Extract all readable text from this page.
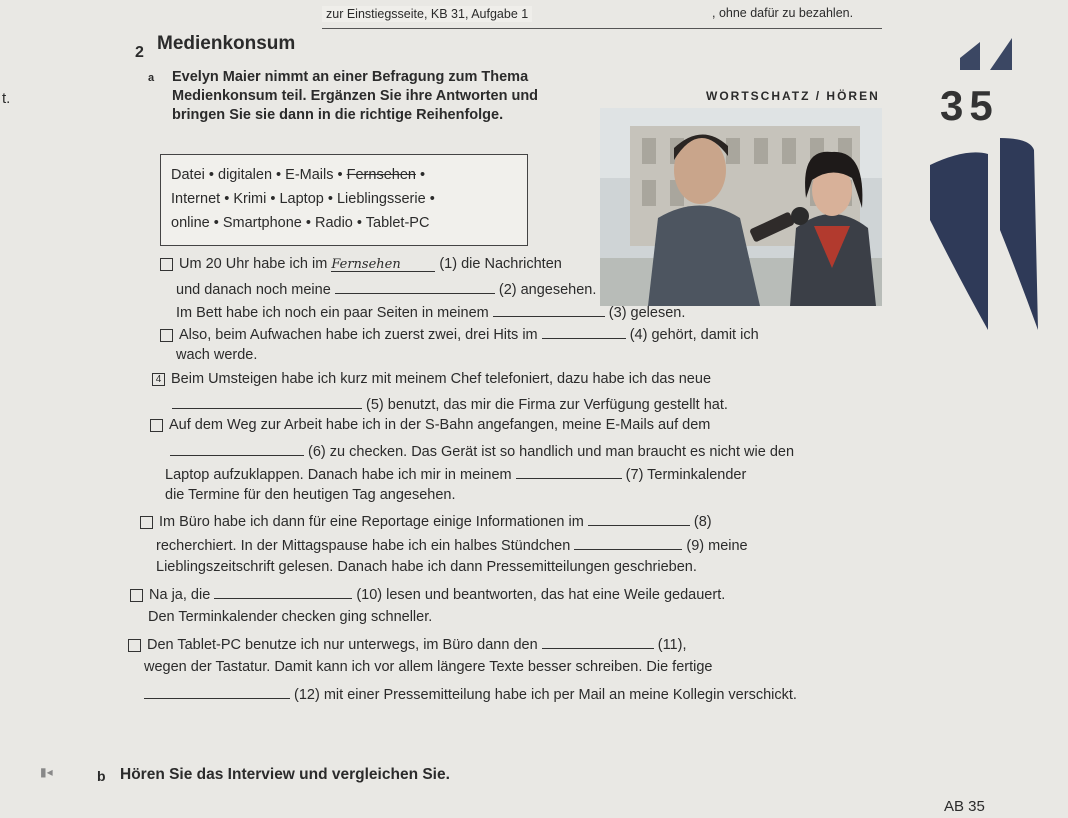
zur Einstiegsseite, KB 31, Aufgabe 1	, ohne dafür zu bezahlen.
2 Medienkonsum
t.
a Evelyn Maier nimmt an einer Befragung zum Thema
Medienkonsum teil. Ergänzen Sie ihre Antworten und
bringen Sie sie dann in die richtige Reihenfolge.
WORTSCHATZ / HÖREN 35
Datei • digitalen • E-Mails • Fernsehen •
Internet • Krimi • Laptop • Lieblingsserie •
online • Smartphone • Radio • Tablet-PC
Um 20 Uhr habe ich im Fernsehen	(1) die Nachrichten
und danach noch meine	(2) angesehen.
Im Bett habe ich noch ein paar Seiten in meinem	(3) gelesen.
Also, beim Aufwachen habe ich zuerst zwei, drei Hits im	(4) gehört, damit ich
wach werde.
4 Beim Umsteigen habe ich kurz mit meinem Chef telefoniert, dazu habe ich das neue
(5) benutzt, das mir die Firma zur Verfügung gestellt hat.
Auf dem Weg zur Arbeit habe ich in der S-Bahn angefangen, meine E-Mails auf dem
(6) zu checken. Das Gerät ist so handlich und man braucht es nicht wie den
Laptop aufzuklappen. Danach habe ich mir in meinem	(7) Terminkalender
die Termine für den heutigen Tag angesehen.
Im Büro habe ich dann für eine Reportage einige Informationen im	(8)
recherchiert. In der Mittagspause habe ich ein halbes Stündchen	(9) meine
Lieblingszeitschrift gelesen. Danach habe ich dann Pressemitteilungen geschrieben.
Na ja, die	(10) lesen und beantworten, das hat eine Weile gedauert.
Den Terminkalender checken ging schneller.
Den Tablet-PC benutze ich nur unterwegs, im Büro dann den	(11),
wegen der Tastatur. Damit kann ich vor allem längere Texte besser schreiben. Die fertige
(12) mit einer Pressemitteilung habe ich per Mail an meine Kollegin verschickt.
▮◂	b Hören Sie das Interview und vergleichen Sie.
AB 35
